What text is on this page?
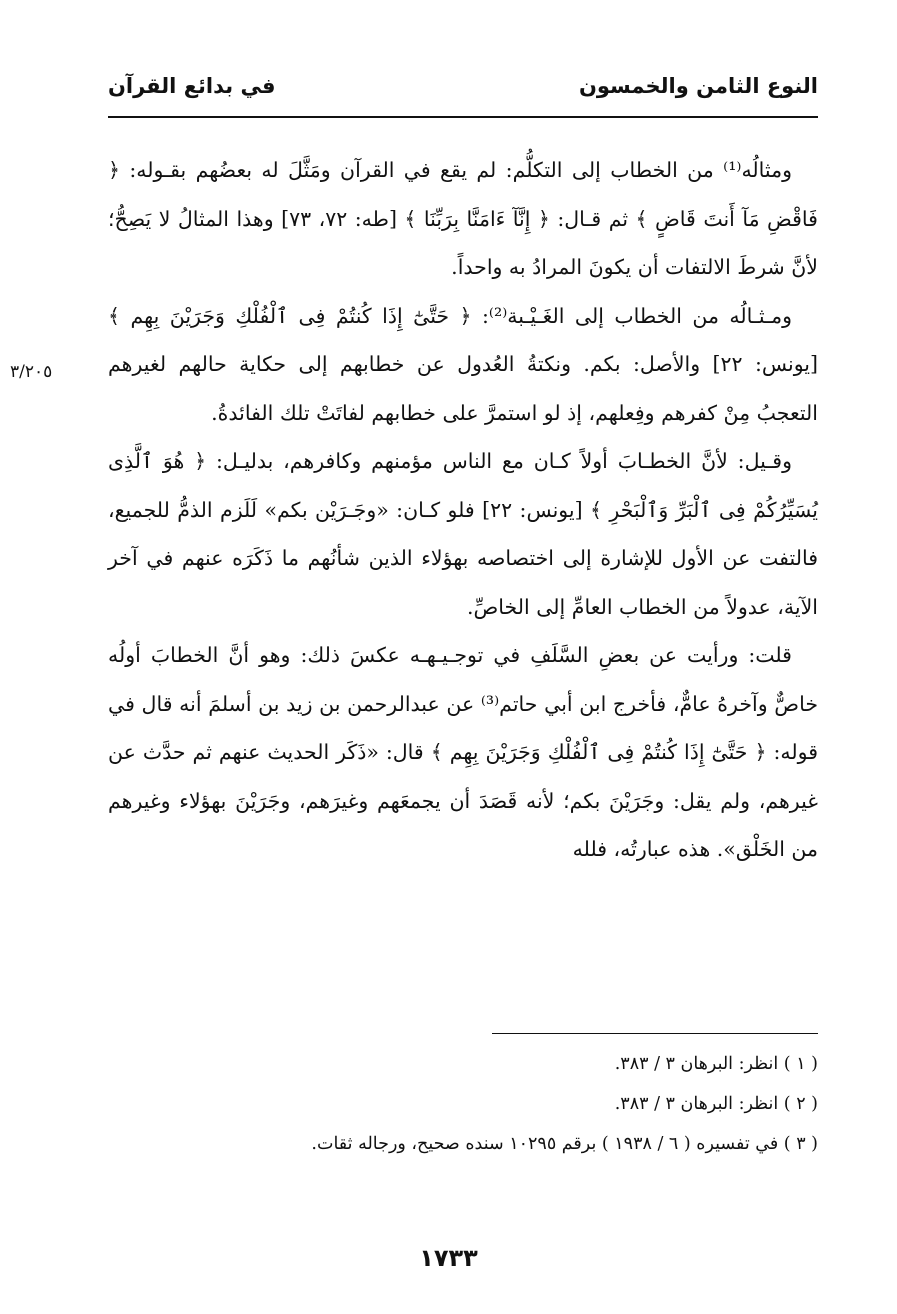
النوع الثامن والخمسون
في بدائع القرآن
٣/٢٠٥

ومثالُه⁽¹⁾ من الخطاب إلى التكلُّم: لم يقع في القرآن ومَثَّلَ له بعضُهم بقـوله: ﴿ فَاقْضِ مَآ أَنتَ قَاضٍ ﴾ ثم قـال: ﴿ إِنَّآ ءَامَنَّا بِرَبِّنَا ﴾ [طه: ٧٢، ٧٣] وهذا المثالُ لا يَصِحُّ؛ لأنَّ شرطَ الالتفات أن يكونَ المرادُ به واحداً.

ومـثـالُه من الخطاب إلى الغَـيْـبة⁽²⁾: ﴿ حَتَّىٰٓ إِذَا كُنتُمْ فِى ٱلْفُلْكِ وَجَرَيْنَ بِهِم ﴾ [يونس: ٢٢] والأصل: بكم. ونكتةُ العُدول عن خطابهم إلى حكاية حالهم لغيرهم التعجبُ مِنْ كفرهم وفِعلهم، إذ لو استمرَّ على خطابهم لفاتَتْ تلك الفائدةُ.

وقـيل: لأنَّ الخطـابَ أولاً كـان مع الناس مؤمنهم وكافرهم، بدليـل: ﴿ هُوَ ٱلَّذِى يُسَيِّرُكُمْ فِى ٱلْبَرِّ وَٱلْبَحْرِ ﴾ [يونس: ٢٢] فلو كـان: «وجَـرَيْن بكم» لَلَزم الذمُّ للجميع، فالتفت عن الأول للإشارة إلى اختصاصه بهؤلاء الذين شأنُهم ما ذَكَرَه عنهم في آخر الآية، عدولاً من الخطاب العامِّ إلى الخاصِّ.

قلت: ورأيت عن بعضِ السَّلَفِ في توجـيـهـه عكسَ ذلك: وهو أنَّ الخطابَ أولُه خاصٌّ وآخرهُ عامٌّ، فأخرج ابن أبي حاتم⁽³⁾ عن عبدالرحمن بن زيد بن أسلمَ أنه قال في قوله: ﴿ حَتَّىٰٓ إِذَا كُنتُمْ فِى ٱلْفُلْكِ وَجَرَيْنَ بِهِم ﴾ قال: «ذَكَر الحديث عنهم ثم حدَّث عن غيرهم، ولم يقل: وجَرَيْنَ بكم؛ لأنه قَصَدَ أن يجمعَهم وغيرَهم، وجَرَيْنَ بهؤلاء وغيرهم من الخَلْق». هذه عبارتُه، فلله

( ١ ) انظر: البرهان ٣ / ٣٨٣.
( ٢ ) انظر: البرهان ٣ / ٣٨٣.
( ٣ ) في تفسيره ( ٦ / ١٩٣٨ ) برقم ١٠٢٩٥ سنده صحيح، ورجاله ثقات.
١٧٣٣
